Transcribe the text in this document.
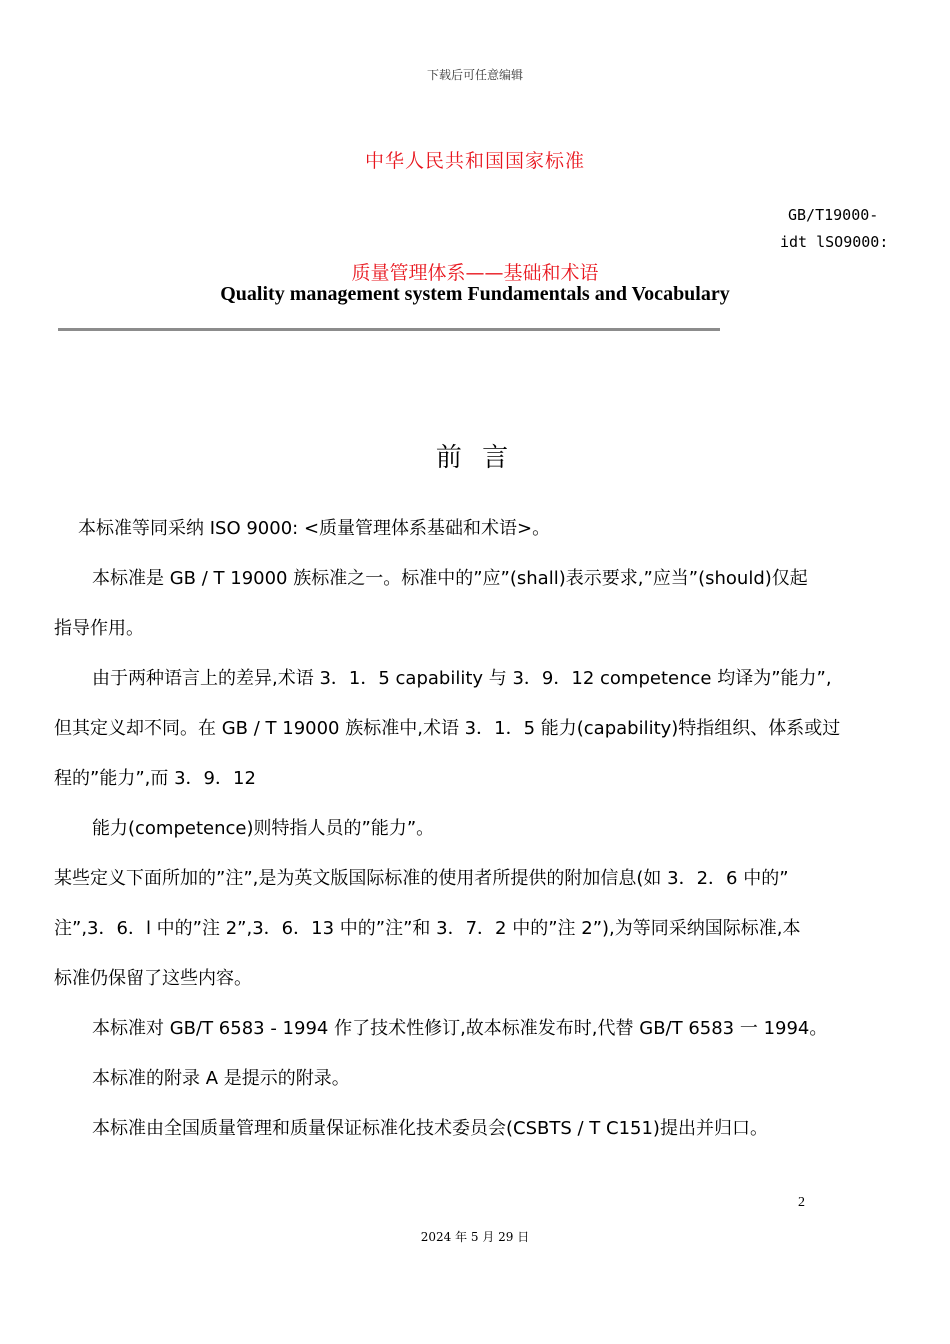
下载后可任意编辑
中华人民共和国国家标准
GB/T19000-
idt lSO9000:
质量管理体系——基础和术语
Quality management system Fundamentals and Vocabulary
前 言
本标准等同采纳 ISO 9000: <质量管理体系基础和术语>。
本标准是 GB / T 19000 族标准之一。标准中的”应”(shall)表示要求,”应当”(should)仅起
指导作用。
由于两种语言上的差异,术语 3．1．5 capability 与 3．9．12 competence 均译为”能力”,
但其定义却不同。在 GB / T 19000 族标准中,术语 3．1．5 能力(capability)特指组织、体系或过
程的”能力”,而 3．9．12
能力(competence)则特指人员的”能力”。
某些定义下面所加的”注”,是为英文版国际标准的使用者所提供的附加信息(如 3．2．6 中的”
注”,3．6．l 中的”注 2”,3．6．13 中的”注”和 3．7．2 中的”注 2”),为等同采纳国际标准,本
标准仍保留了这些内容。
本标准对 GB/T 6583 - 1994 作了技术性修订,故本标准发布时,代替 GB/T 6583 一 1994。
本标准的附录 A 是提示的附录。
本标准由全国质量管理和质量保证标准化技术委员会(CSBTS / T C151)提出并归口。
2
2024 年 5 月 29 日
